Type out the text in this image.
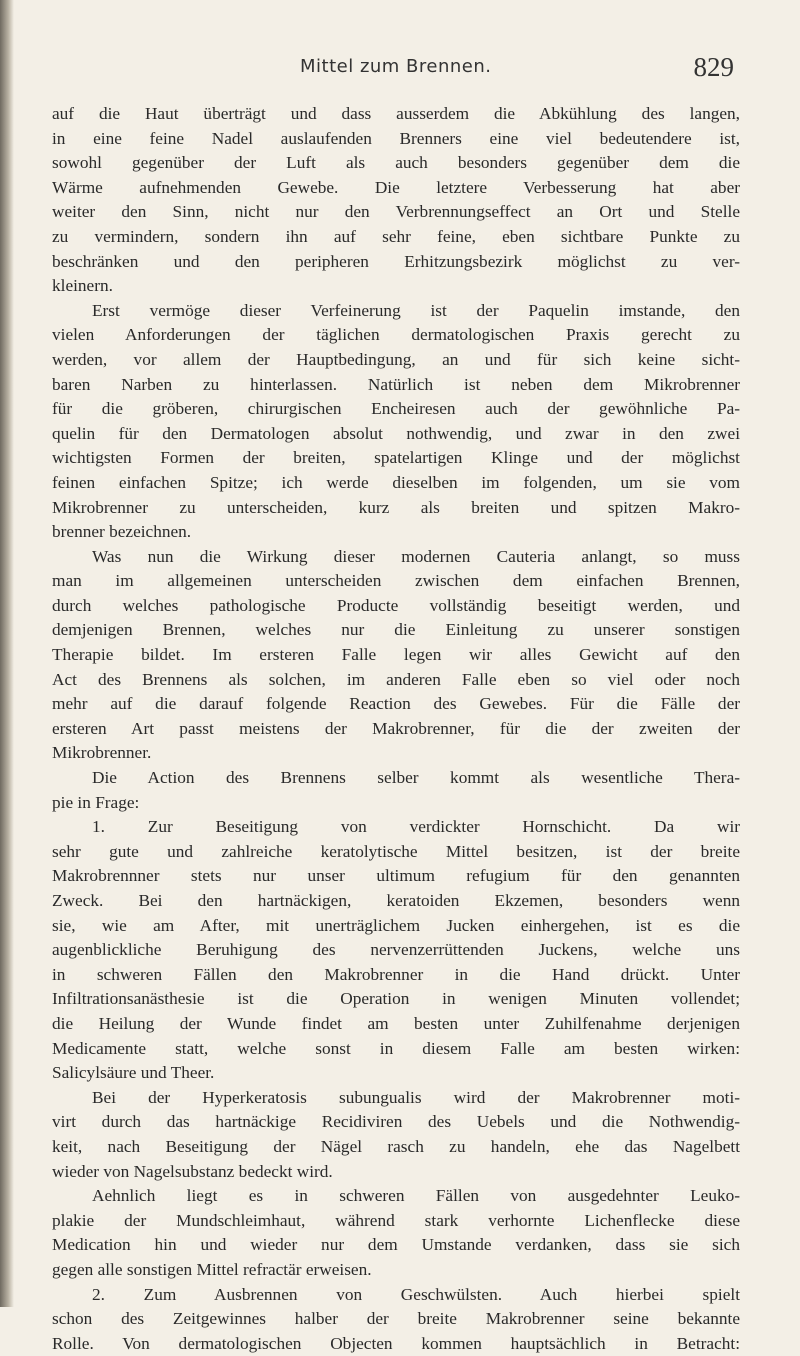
Mittel zum Brennen.	829
auf die Haut überträgt und dass ausserdem die Abkühlung des langen,
in eine feine Nadel auslaufenden Brenners eine viel bedeutendere ist,
sowohl gegenüber der Luft als auch besonders gegenüber dem die
Wärme aufnehmenden Gewebe. Die letztere Verbesserung hat aber
weiter den Sinn, nicht nur den Verbrennungseffect an Ort und Stelle
zu vermindern, sondern ihn auf sehr feine, eben sichtbare Punkte zu
beschränken und den peripheren Erhitzungsbezirk möglichst zu ver-
kleinern.
Erst vermöge dieser Verfeinerung ist der Paquelin imstande, den
vielen Anforderungen der täglichen dermatologischen Praxis gerecht zu
werden, vor allem der Hauptbedingung, an und für sich keine sicht-
baren Narben zu hinterlassen. Natürlich ist neben dem Mikrobrenner
für die gröberen, chirurgischen Encheiresen auch der gewöhnliche Pa-
quelin für den Dermatologen absolut nothwendig, und zwar in den zwei
wichtigsten Formen der breiten, spatelartigen Klinge und der möglichst
feinen einfachen Spitze; ich werde dieselben im folgenden, um sie vom
Mikrobrenner zu unterscheiden, kurz als breiten und spitzen Makro-
brenner bezeichnen.
Was nun die Wirkung dieser modernen Cauteria anlangt, so muss
man im allgemeinen unterscheiden zwischen dem einfachen Brennen,
durch welches pathologische Producte vollständig beseitigt werden, und
demjenigen Brennen, welches nur die Einleitung zu unserer sonstigen
Therapie bildet. Im ersteren Falle legen wir alles Gewicht auf den
Act des Brennens als solchen, im anderen Falle eben so viel oder noch
mehr auf die darauf folgende Reaction des Gewebes. Für die Fälle der
ersteren Art passt meistens der Makrobrenner, für die der zweiten der
Mikrobrenner.
Die Action des Brennens selber kommt als wesentliche Thera-
pie in Frage:
1. Zur Beseitigung von verdickter Hornschicht. Da wir
sehr gute und zahlreiche keratolytische Mittel besitzen, ist der breite
Makrobrennner stets nur unser ultimum refugium für den genannten
Zweck. Bei den hartnäckigen, keratoiden Ekzemen, besonders wenn
sie, wie am After, mit unerträglichem Jucken einhergehen, ist es die
augenblickliche Beruhigung des nervenzerrüttenden Juckens, welche uns
in schweren Fällen den Makrobrenner in die Hand drückt. Unter
Infiltrationsanästhesie ist die Operation in wenigen Minuten vollendet;
die Heilung der Wunde findet am besten unter Zuhilfenahme derjenigen
Medicamente statt, welche sonst in diesem Falle am besten wirken:
Salicylsäure und Theer.
Bei der Hyperkeratosis subungualis wird der Makrobrenner moti-
virt durch das hartnäckige Recidiviren des Uebels und die Nothwendig-
keit, nach Beseitigung der Nägel rasch zu handeln, ehe das Nagelbett
wieder von Nagelsubstanz bedeckt wird.
Aehnlich liegt es in schweren Fällen von ausgedehnter Leuko-
plakie der Mundschleimhaut, während stark verhornte Lichenflecke diese
Medication hin und wieder nur dem Umstande verdanken, dass sie sich
gegen alle sonstigen Mittel refractär erweisen.
2. Zum Ausbrennen von Geschwülsten. Auch hierbei spielt
schon des Zeitgewinnes halber der breite Makrobrenner seine bekannte
Rolle. Von dermatologischen Objecten kommen hauptsächlich in Betracht:
